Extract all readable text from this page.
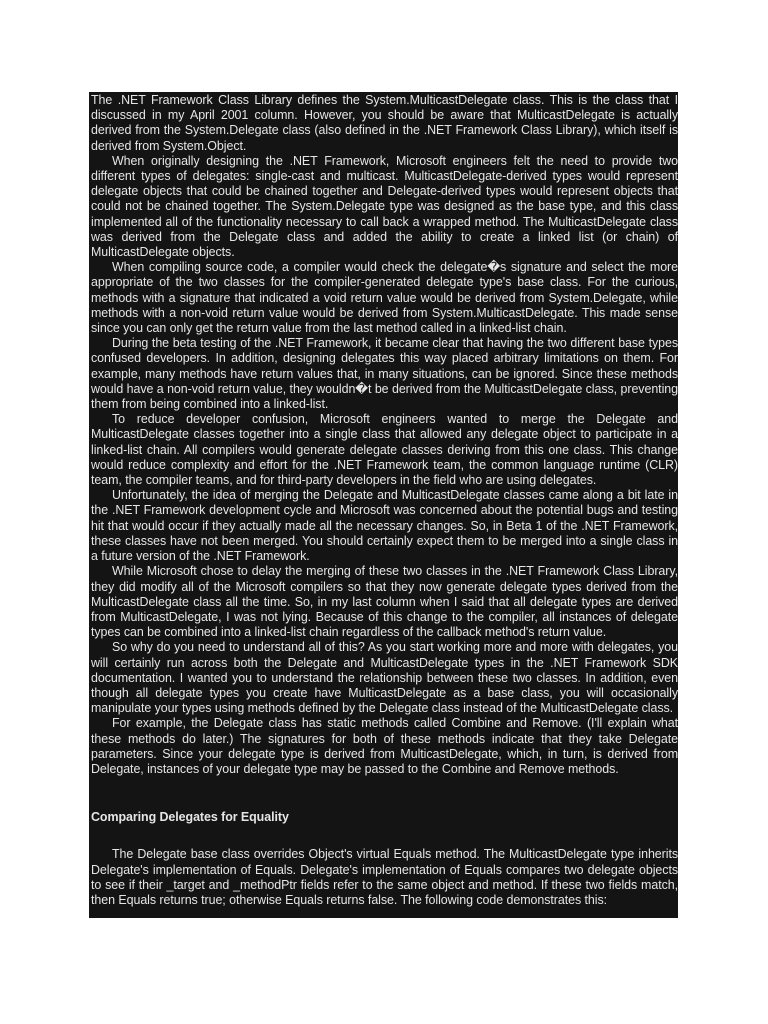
The .NET Framework Class Library defines the System.MulticastDelegate class. This is the class that I discussed in my April 2001 column. However, you should be aware that MulticastDelegate is actually derived from the System.Delegate class (also defined in the .NET Framework Class Library), which itself is derived from System.Object.

When originally designing the .NET Framework, Microsoft engineers felt the need to provide two different types of delegates: single-cast and multicast. MulticastDelegate-derived types would represent delegate objects that could be chained together and Delegate-derived types would represent objects that could not be chained together. The System.Delegate type was designed as the base type, and this class implemented all of the functionality necessary to call back a wrapped method. The MulticastDelegate class was derived from the Delegate class and added the ability to create a linked list (or chain) of MulticastDelegate objects.

When compiling source code, a compiler would check the delegate�s signature and select the more appropriate of the two classes for the compiler-generated delegate type's base class. For the curious, methods with a signature that indicated a void return value would be derived from System.Delegate, while methods with a non-void return value would be derived from System.MulticastDelegate. This made sense since you can only get the return value from the last method called in a linked-list chain.

During the beta testing of the .NET Framework, it became clear that having the two different base types confused developers. In addition, designing delegates this way placed arbitrary limitations on them. For example, many methods have return values that, in many situations, can be ignored. Since these methods would have a non-void return value, they wouldn�t be derived from the MulticastDelegate class, preventing them from being combined into a linked-list.

To reduce developer confusion, Microsoft engineers wanted to merge the Delegate and MulticastDelegate classes together into a single class that allowed any delegate object to participate in a linked-list chain. All compilers would generate delegate classes deriving from this one class. This change would reduce complexity and effort for the .NET Framework team, the common language runtime (CLR) team, the compiler teams, and for third-party developers in the field who are using delegates.

Unfortunately, the idea of merging the Delegate and MulticastDelegate classes came along a bit late in the .NET Framework development cycle and Microsoft was concerned about the potential bugs and testing hit that would occur if they actually made all the necessary changes. So, in Beta 1 of the .NET Framework, these classes have not been merged. You should certainly expect them to be merged into a single class in a future version of the .NET Framework.

While Microsoft chose to delay the merging of these two classes in the .NET Framework Class Library, they did modify all of the Microsoft compilers so that they now generate delegate types derived from the MulticastDelegate class all the time. So, in my last column when I said that all delegate types are derived from MulticastDelegate, I was not lying. Because of this change to the compiler, all instances of delegate types can be combined into a linked-list chain regardless of the callback method's return value.

So why do you need to understand all of this? As you start working more and more with delegates, you will certainly run across both the Delegate and MulticastDelegate types in the .NET Framework SDK documentation. I wanted you to understand the relationship between these two classes. In addition, even though all delegate types you create have MulticastDelegate as a base class, you will occasionally manipulate your types using methods defined by the Delegate class instead of the MulticastDelegate class.

For example, the Delegate class has static methods called Combine and Remove. (I'll explain what these methods do later.) The signatures for both of these methods indicate that they take Delegate parameters. Since your delegate type is derived from MulticastDelegate, which, in turn, is derived from Delegate, instances of your delegate type may be passed to the Combine and Remove methods.

Comparing Delegates for Equality

The Delegate base class overrides Object's virtual Equals method. The MulticastDelegate type inherits Delegate's implementation of Equals. Delegate's implementation of Equals compares two delegate objects to see if their _target and _methodPtr fields refer to the same object and method. If these two fields match, then Equals returns true; otherwise Equals returns false. The following code demonstrates this:
